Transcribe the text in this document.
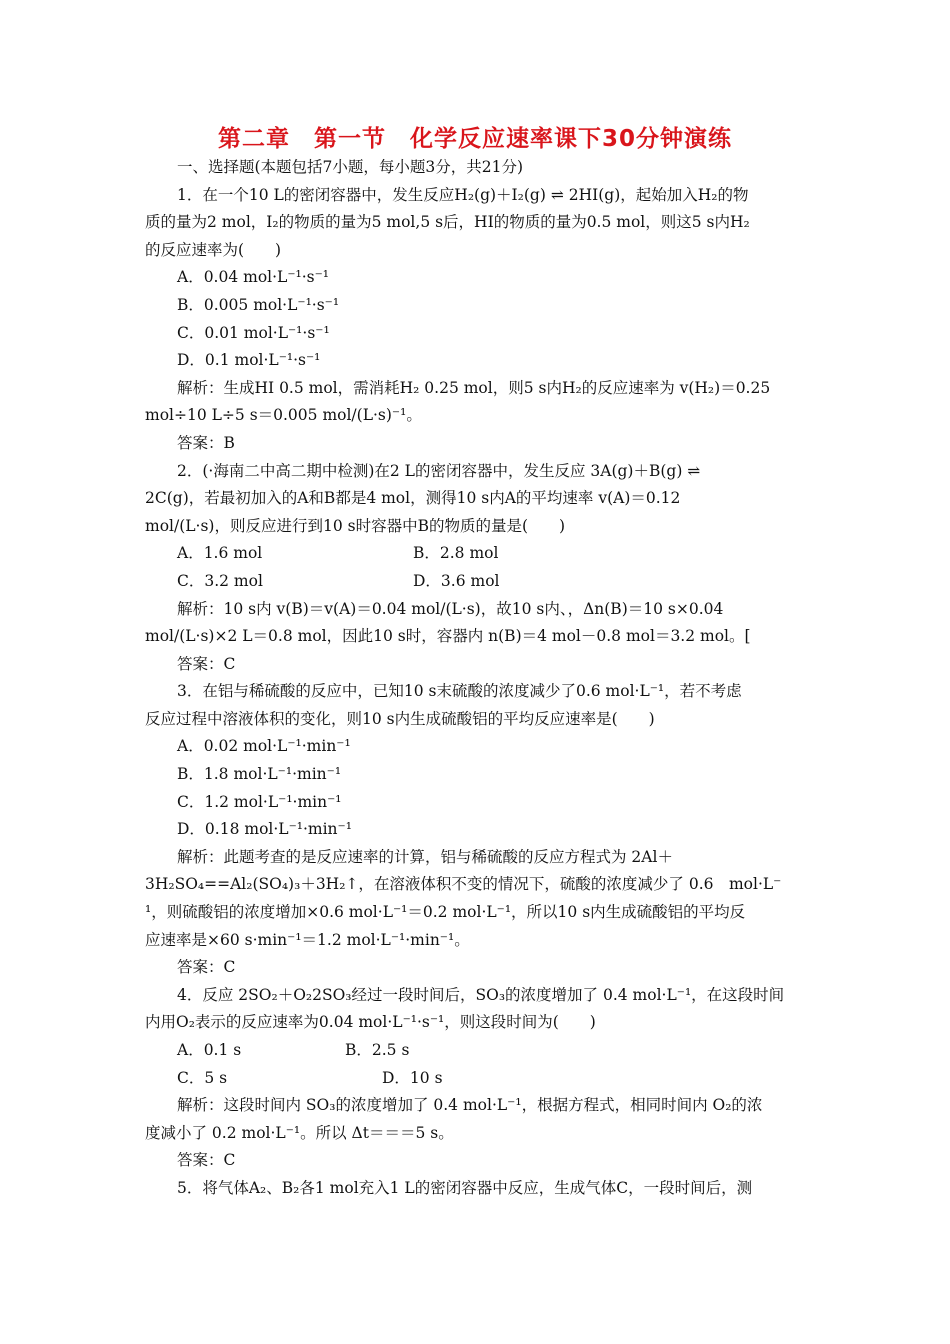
第二章　第一节　化学反应速率课下30分钟演练

一、选择题(本题包括7小题，每小题3分，共21分)

1．在一个10 L的密闭容器中，发生反应H₂(g)＋I₂(g) ⇌ 2HI(g)，起始加入H₂的物

质的量为2 mol，I₂的物质的量为5 mol,5 s后，HI的物质的量为0.5 mol，则这5 s内H₂

的反应速率为(　　)

A．0.04 mol·L⁻¹·s⁻¹

B．0.005 mol·L⁻¹·s⁻¹

C．0.01 mol·L⁻¹·s⁻¹

D．0.1 mol·L⁻¹·s⁻¹

解析：生成HI 0.5 mol，需消耗H₂ 0.25 mol，则5 s内H₂的反应速率为 v(H₂)＝0.25

mol÷10 L÷5 s＝0.005 mol/(L·s)⁻¹。

答案：B

2．(·海南二中高二期中检测)在2 L的密闭容器中，发生反应 3A(g)＋B(g) ⇌

2C(g)，若最初加入的A和B都是4 mol，测得10 s内A的平均速率 v(A)＝0.12

mol/(L·s)，则反应进行到10 s时容器中B的物质的量是(　　)

A．1.6 mol	B．2.8 mol
C．3.2 mol	D．3.6 mol

解析：10 s内 v(B)＝v(A)＝0.04 mol/(L·s)，故10 s内、，Δn(B)＝10 s×0.04

mol/(L·s)×2 L＝0.8 mol，因此10 s时，容器内 n(B)＝4 mol－0.8 mol＝3.2 mol。[

答案：C

3．在铝与稀硫酸的反应中，已知10 s末硫酸的浓度减少了0.6 mol·L⁻¹，若不考虑

反应过程中溶液体积的变化，则10 s内生成硫酸铝的平均反应速率是(　　)

A．0.02 mol·L⁻¹·min⁻¹

B．1.8 mol·L⁻¹·min⁻¹

C．1.2 mol·L⁻¹·min⁻¹

D．0.18 mol·L⁻¹·min⁻¹

解析：此题考查的是反应速率的计算，铝与稀硫酸的反应方程式为 2Al＋

3H₂SO₄==Al₂(SO₄)₃＋3H₂↑，在溶液体积不变的情况下，硫酸的浓度减少了 0.6　mol·L⁻

¹，则硫酸铝的浓度增加×0.6 mol·L⁻¹＝0.2 mol·L⁻¹，所以10 s内生成硫酸铝的平均反

应速率是×60 s·min⁻¹＝1.2 mol·L⁻¹·min⁻¹。

答案：C

4．反应 2SO₂＋O₂2SO₃经过一段时间后，SO₃的浓度增加了 0.4 mol·L⁻¹，在这段时间

内用O₂表示的反应速率为0.04 mol·L⁻¹·s⁻¹，则这段时间为(　　)

A．0.1 s	B．2.5 s
C．5 s	D．10 s

解析：这段时间内 SO₃的浓度增加了 0.4 mol·L⁻¹，根据方程式，相同时间内 O₂的浓

度减小了 0.2 mol·L⁻¹。所以 Δt＝＝＝5 s。

答案：C

5．将气体A₂、B₂各1 mol充入1 L的密闭容器中反应，生成气体C，一段时间后，测
